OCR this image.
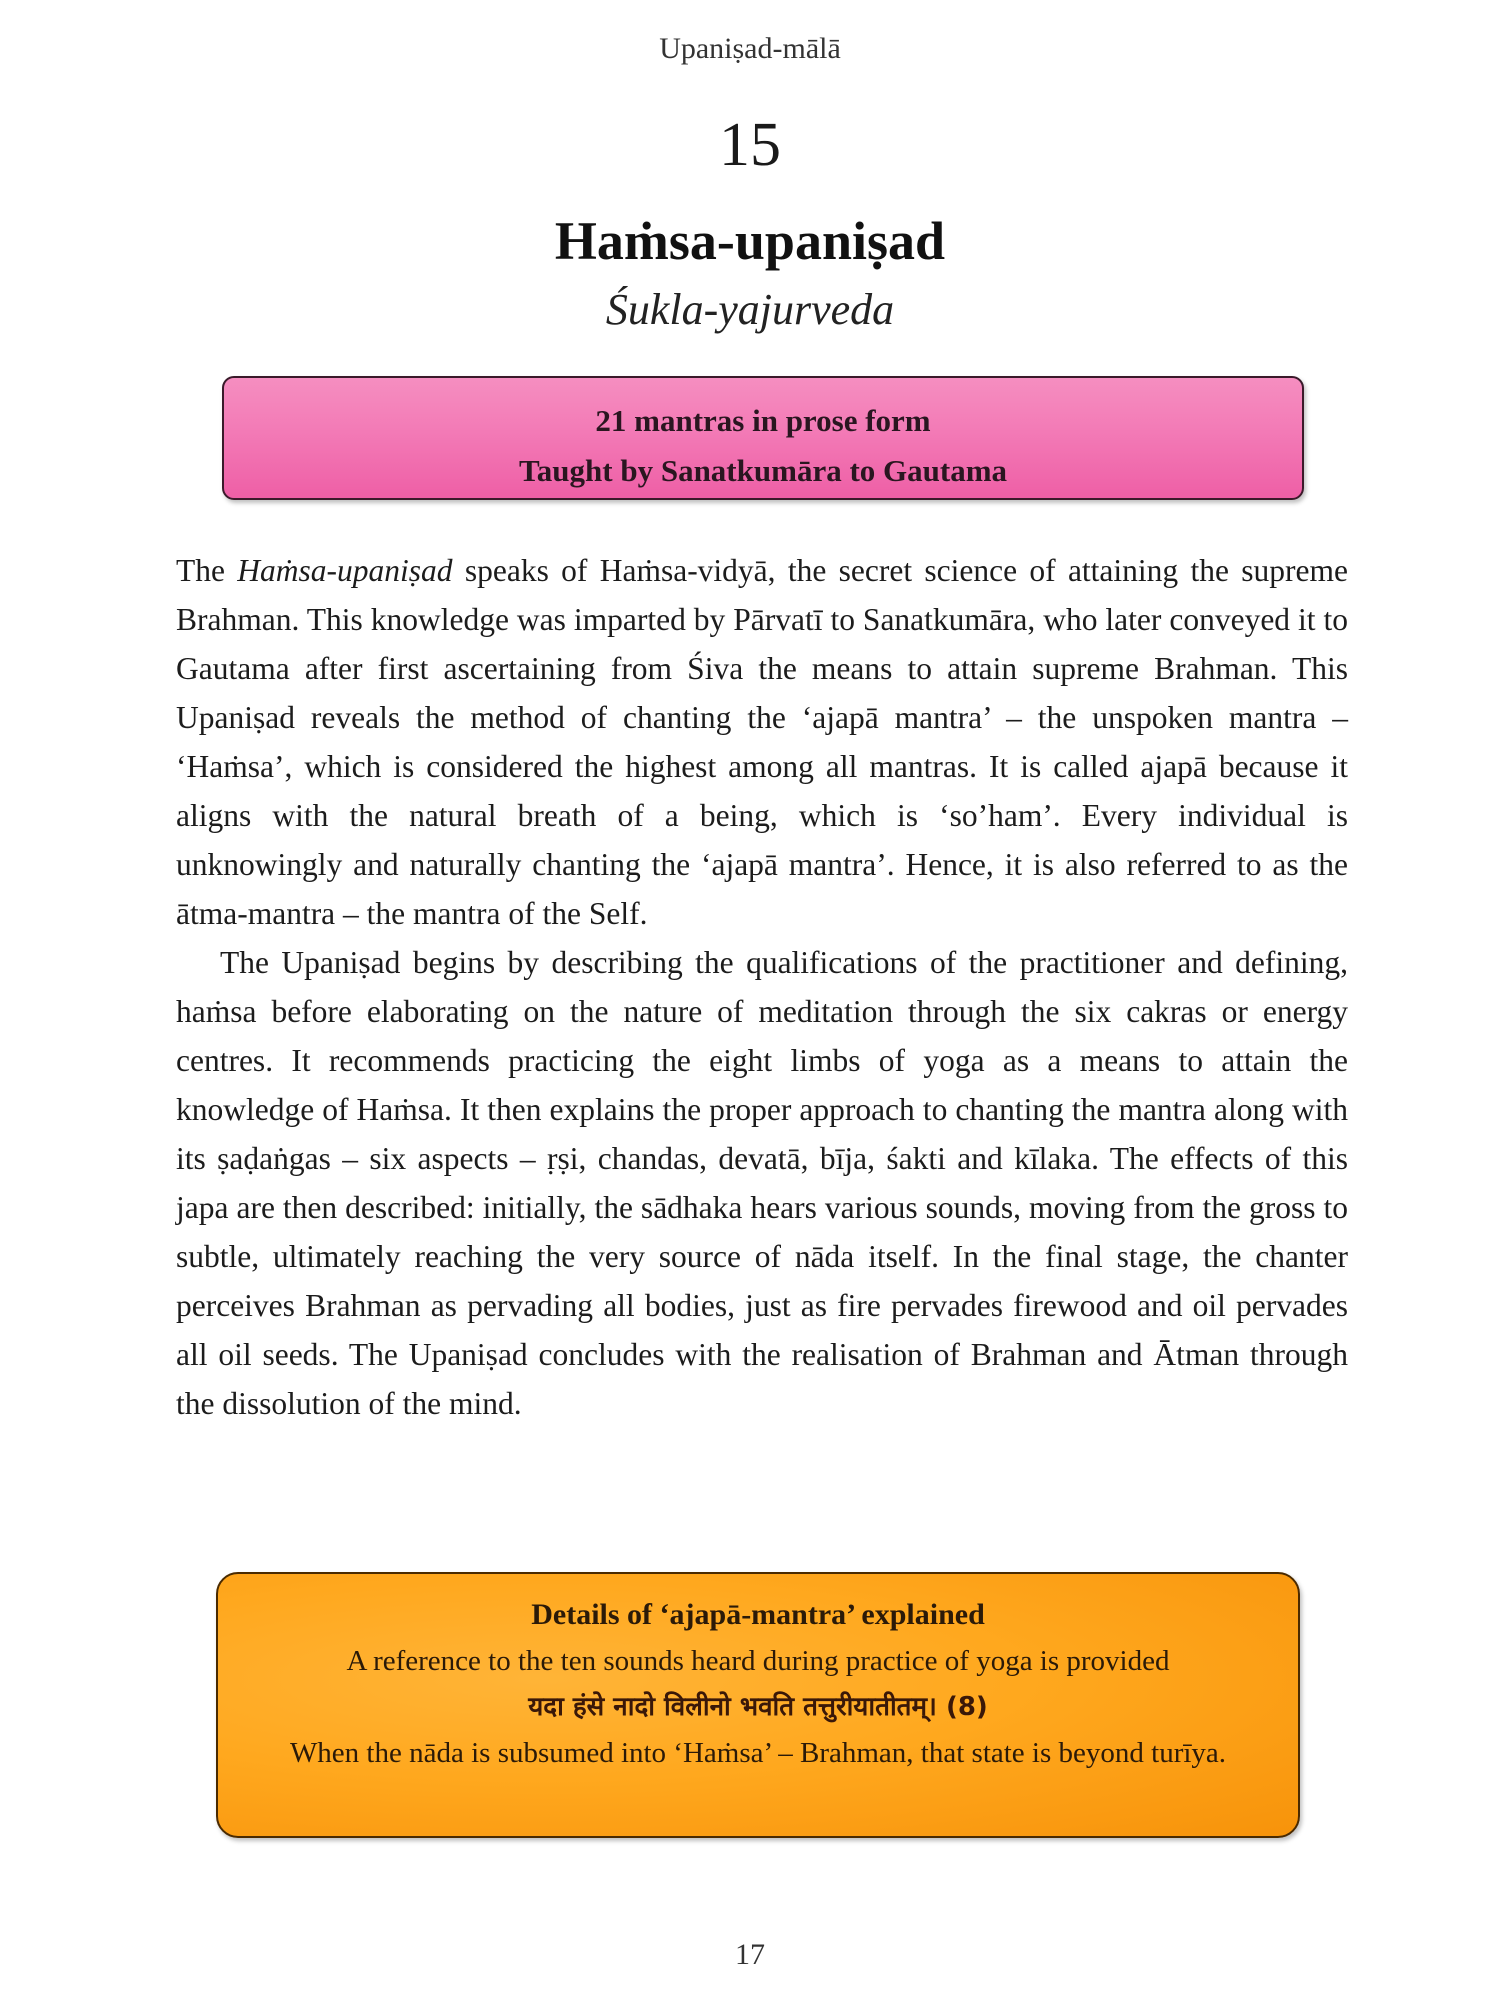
Upaniṣad-mālā
15
Haṁsa-upaniṣad
Śukla-yajurveda
21 mantras in prose form
Taught by Sanatkumāra to Gautama

The Haṁsa-upaniṣad speaks of Haṁsa-vidyā, the secret science of attaining the supreme Brahman. This knowledge was imparted by Pārvatī to Sanatkumāra, who later conveyed it to Gautama after first ascertaining from Śiva the means to attain supreme Brahman. This Upaniṣad reveals the method of chanting the ‘ajapā mantra’ – the unspoken mantra – ‘Haṁsa’, which is considered the highest among all mantras. It is called ajapā because it aligns with the natural breath of a being, which is ‘so’ham’. Every individual is unknowingly and naturally chanting the ‘ajapā mantra’. Hence, it is also referred to as the ātma-mantra – the mantra of the Self.

The Upaniṣad begins by describing the qualifications of the practitioner and defining, haṁsa before elaborating on the nature of meditation through the six cakras or energy centres. It recommends practicing the eight limbs of yoga as a means to attain the knowledge of Haṁsa. It then explains the proper approach to chanting the mantra along with its ṣaḍaṅgas – six aspects – ṛṣi, chandas, devatā, bīja, śakti and kīlaka. The effects of this japa are then described: initially, the sādhaka hears various sounds, moving from the gross to subtle, ultimately reaching the very source of nāda itself. In the final stage, the chanter perceives Brahman as pervading all bodies, just as fire pervades firewood and oil pervades all oil seeds. The Upaniṣad concludes with the realisation of Brahman and Ātman through the dissolution of the mind.

Details of ‘ajapā-mantra’ explained
A reference to the ten sounds heard during practice of yoga is provided
यदा हंसे नादो विलीनो भवति तत्तुरीयातीतम्। (8)
When the nāda is subsumed into ‘Haṁsa’ – Brahman, that state is beyond turīya.
17
